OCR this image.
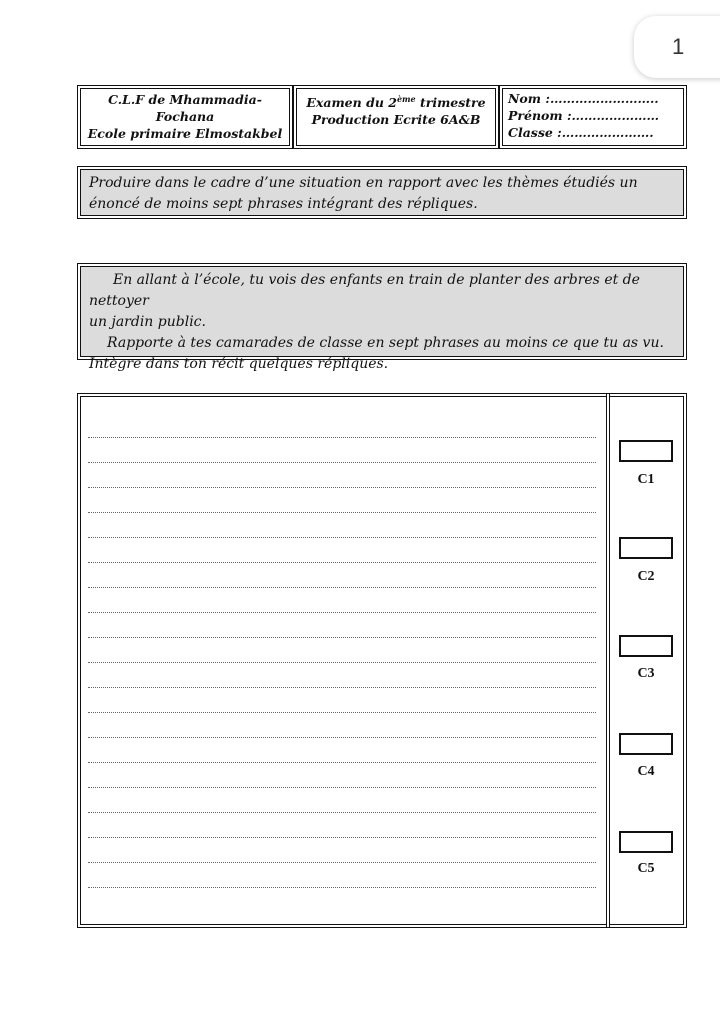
1
C.L.F de Mhammadia-Fochana
Ecole primaire Elmostakbel
Examen du 2ème trimestre
Production Ecrite 6A&B
Nom :……………………..
Prénom :…………………
Classe :………………….
Produire dans le cadre d’une situation en rapport avec les thèmes étudiés un énoncé de moins sept phrases intégrant des répliques.
En allant à l’école, tu vois des enfants en train de planter des arbres et de nettoyer
un jardin public.
Rapporte à tes camarades de classe en sept phrases au moins ce que tu as vu.
Intègre dans ton récit quelques répliques.
C1
C2
C3
C4
C5
